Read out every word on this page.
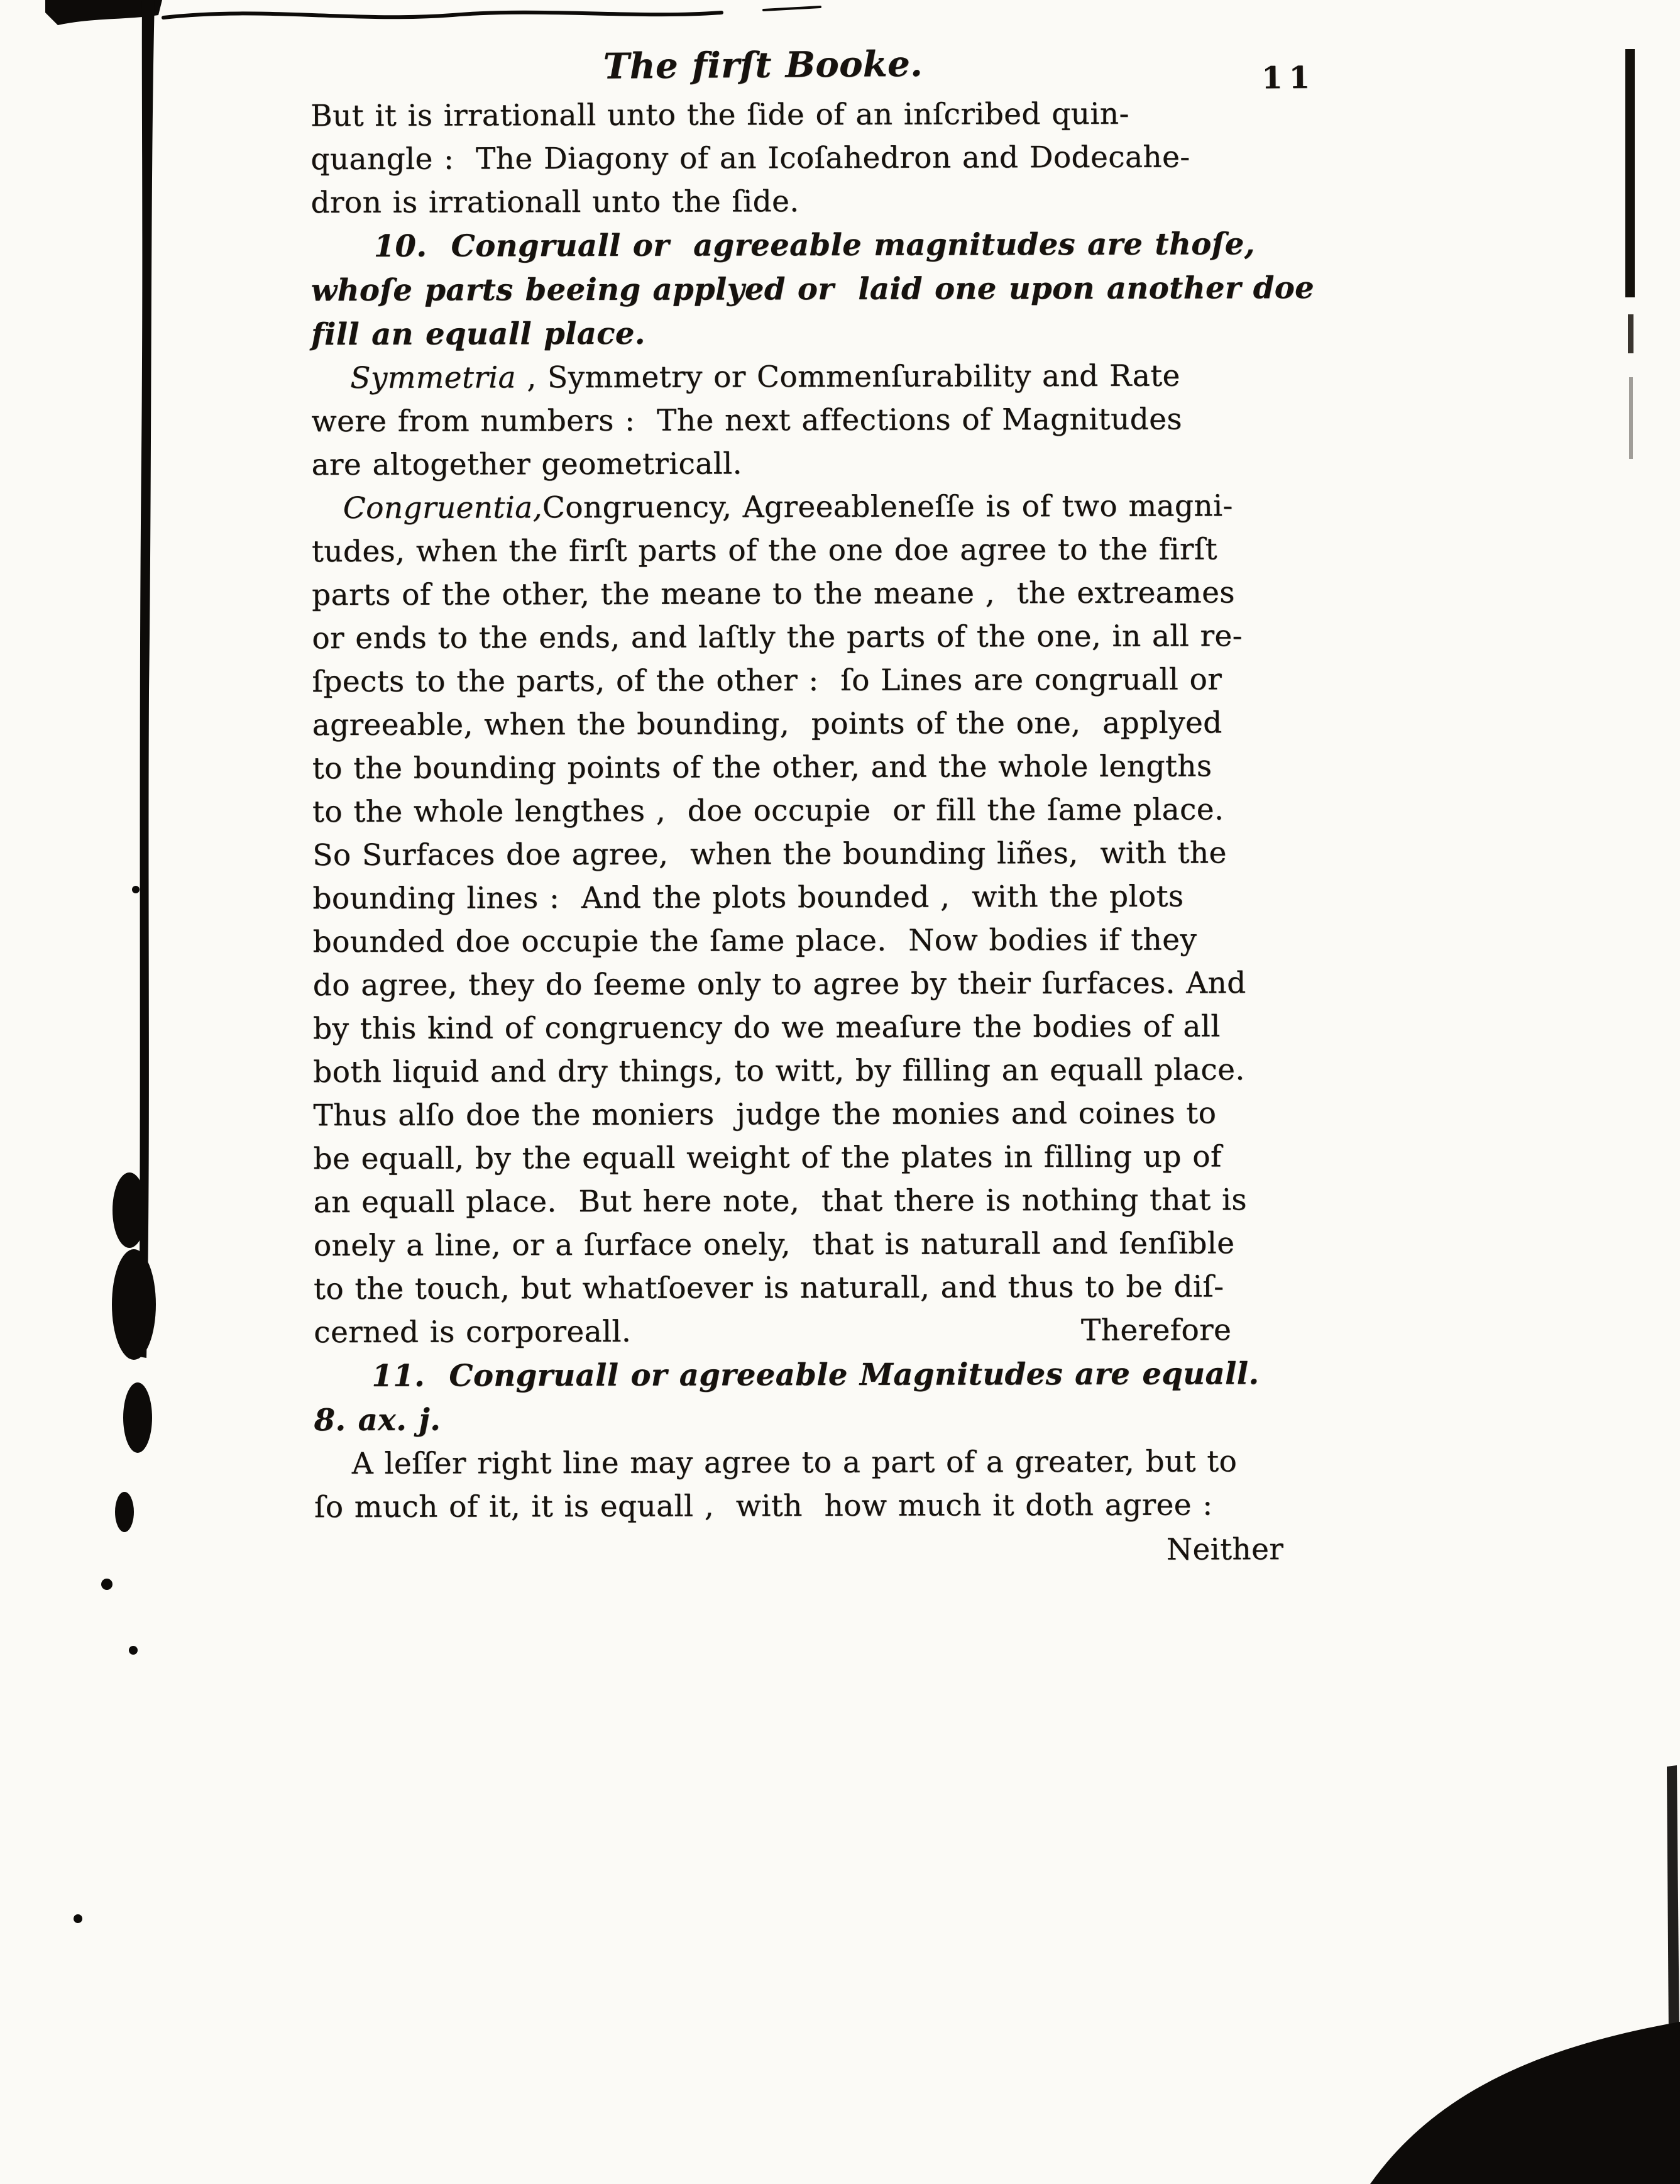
The firſt Booke.	11

But it is irrationall unto the ſide of an inſcribed quin-
quangle :  The Diagony of an Icoſahedron and Dodecahe-
dron is irrationall unto the ſide.

10.  Congruall or  agreeable magnitudes are thoſe,
whoſe parts beeing applyed or  laid one upon another doe
fill an equall place.

Symmetria , Symmetry or Commenſurability and Rate
were from numbers :  The next affections of Magnitudes
are altogether geometricall.

Congruentia,Congruency, Agreeableneſſe is of two magni-
tudes, when the firſt parts of the one doe agree to the firſt
parts of the other, the meane to the meane ,  the extreames
or ends to the ends, and laſtly the parts of the one, in all re-
ſpects to the parts, of the other :  ſo Lines are congruall or
agreeable, when the bounding,  points of the one,  applyed
to the bounding points of the other, and the whole lengths
to the whole lengthes ,  doe occupie  or fill the ſame place.
So Surfaces doe agree,  when the bounding liñes,  with the
bounding lines :  And the plots bounded ,  with the plots
bounded doe occupie the ſame place.  Now bodies if they
do agree, they do ſeeme only to agree by their ſurfaces. And
by this kind of congruency do we meaſure the bodies of all
both liquid and dry things, to witt, by filling an equall place.
Thus alſo doe the moniers  judge the monies and coines to
be equall, by the equall weight of the plates in filling up of
an equall place.  But here note,  that there is nothing that is
onely a line, or a ſurface onely,  that is naturall and ſenſible
to the touch, but whatſoever is naturall, and thus to be diſ-
cerned is corporeall.	Therefore

11.  Congruall or agreeable Magnitudes are equall.
8. ax. j.

A leſſer right line may agree to a part of a greater, but to
ſo much of it, it is equall ,  with  how much it doth agree :

Neither
